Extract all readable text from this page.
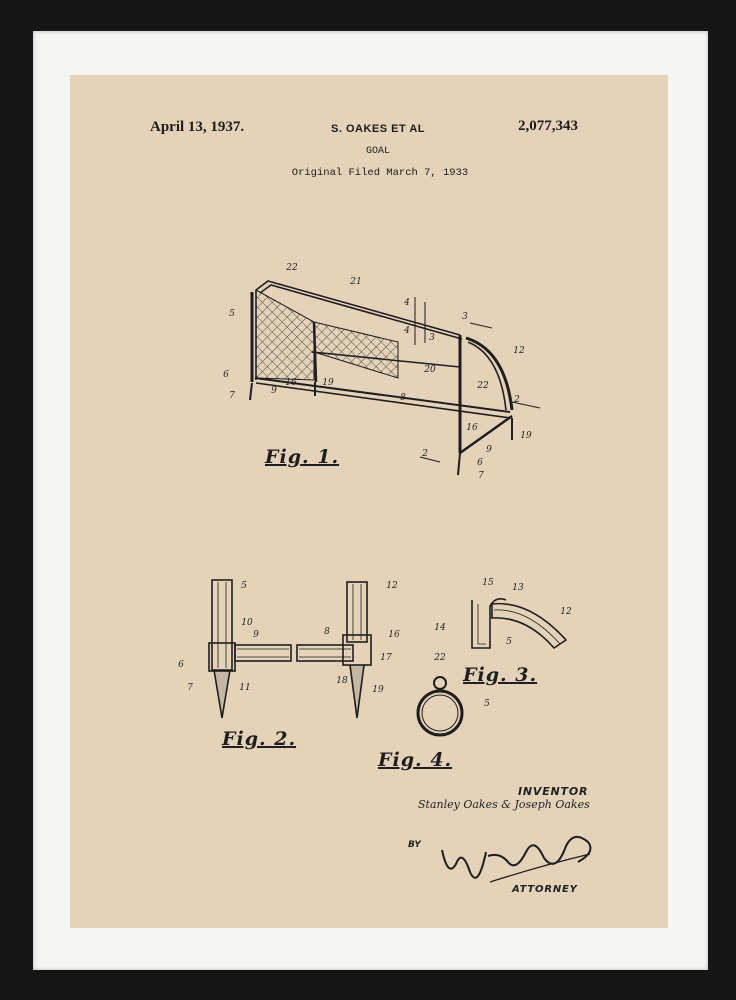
April 13, 1937.	S. OAKES ET AL	2,077,343
GOAL
Original Filed March 7, 1933
22
21
5
4
4
3
3
12
20
6
7	9
16	19
8
22
16
2
19
2
6
9
7
5
10
9	8
12
16
17
6
7	11
18
19
15 13
12
14
5
22
5
Fig. 1.
Fig. 2.
Fig. 3.
Fig. 4.
INVENTOR
Stanley Oakes & Joseph Oakes
BY
ATTORNEY
